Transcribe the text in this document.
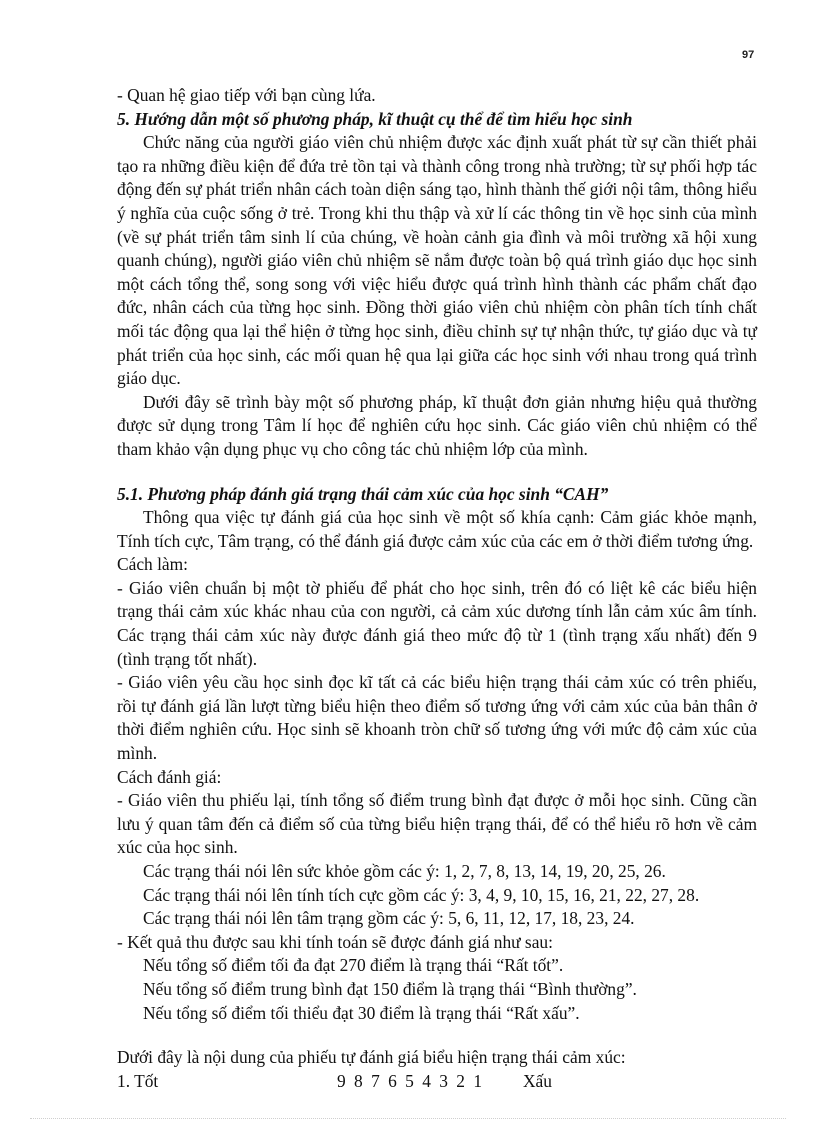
97

- Quan hệ giao tiếp với bạn cùng lứa.

5. Hướng dẫn một số phương pháp, kĩ thuật cụ thể để tìm hiểu học sinh

Chức năng của người giáo viên chủ nhiệm được xác định xuất phát từ sự cần thiết phải tạo ra những điều kiện để đứa trẻ tồn tại và thành công trong nhà trường; từ sự phối hợp tác động đến sự phát triển nhân cách toàn diện sáng tạo, hình thành thế giới nội tâm, thông hiểu ý nghĩa của cuộc sống ở trẻ. Trong khi thu thập và xử lí các thông tin về học sinh của mình (về sự phát triển tâm sinh lí của chúng, về hoàn cảnh gia đình và môi trường xã hội xung quanh chúng), người giáo viên chủ nhiệm sẽ nắm được toàn bộ quá trình giáo dục học sinh một cách tổng thể, song song với việc hiểu được quá trình hình thành các phẩm chất đạo đức, nhân cách của từng học sinh. Đồng thời giáo viên chủ nhiệm còn phân tích tính chất mối tác động qua lại thể hiện ở từng học sinh, điều chỉnh sự tự nhận thức, tự giáo dục và tự phát triển của học sinh, các mối quan hệ qua lại giữa các học sinh với nhau trong quá trình giáo dục.

Dưới đây sẽ trình bày một số phương pháp, kĩ thuật đơn giản nhưng hiệu quả thường được sử dụng trong Tâm lí học để nghiên cứu học sinh. Các giáo viên chủ nhiệm có thể tham khảo vận dụng phục vụ cho công tác chủ nhiệm lớp của mình.

5.1. Phương pháp đánh giá trạng thái cảm xúc của học sinh “CAH”

Thông qua việc tự đánh giá của học sinh về một số khía cạnh: Cảm giác khỏe mạnh, Tính tích cực, Tâm trạng, có thể đánh giá được cảm xúc của các em ở thời điểm tương ứng.

Cách làm:

- Giáo viên chuẩn bị một tờ phiếu để phát cho học sinh, trên đó có liệt kê các biểu hiện trạng thái cảm xúc khác nhau của con người, cả cảm xúc dương tính lẫn cảm xúc âm tính. Các trạng thái cảm xúc này được đánh giá theo mức độ từ 1 (tình trạng xấu nhất) đến 9 (tình trạng tốt nhất).

- Giáo viên yêu cầu học sinh đọc kĩ tất cả các biểu hiện trạng thái cảm xúc có trên phiếu, rồi tự đánh giá lần lượt từng biểu hiện theo điểm số tương ứng với cảm xúc của bản thân ở thời điểm nghiên cứu. Học sinh sẽ khoanh tròn chữ số tương ứng với mức độ cảm xúc của mình.

Cách đánh giá:

- Giáo viên thu phiếu lại, tính tổng số điểm trung bình đạt được ở mỗi học sinh. Cũng cần lưu ý quan tâm đến cả điểm số của từng biểu hiện trạng thái, để có thể hiểu rõ hơn về cảm xúc của học sinh.

Các trạng thái nói lên sức khỏe gồm các ý: 1, 2, 7, 8, 13, 14, 19, 20, 25, 26.

Các trạng thái nói lên tính tích cực gồm các ý: 3, 4, 9, 10, 15, 16, 21, 22, 27, 28.

Các trạng thái nói lên tâm trạng gồm các ý: 5, 6, 11, 12, 17, 18, 23, 24.

- Kết quả thu được sau khi tính toán sẽ được đánh giá như sau:

Nếu tổng số điểm tối đa đạt 270 điểm là trạng thái “Rất tốt”.

Nếu tổng số điểm trung bình đạt 150 điểm là trạng thái “Bình thường”.

Nếu tổng số điểm tối thiểu đạt 30 điểm là trạng thái “Rất xấu”.

Dưới đây là nội dung của phiếu tự đánh giá biểu hiện trạng thái cảm xúc:

1. Tốt	9 8 7 6 5 4 3 2 1	Xấu
